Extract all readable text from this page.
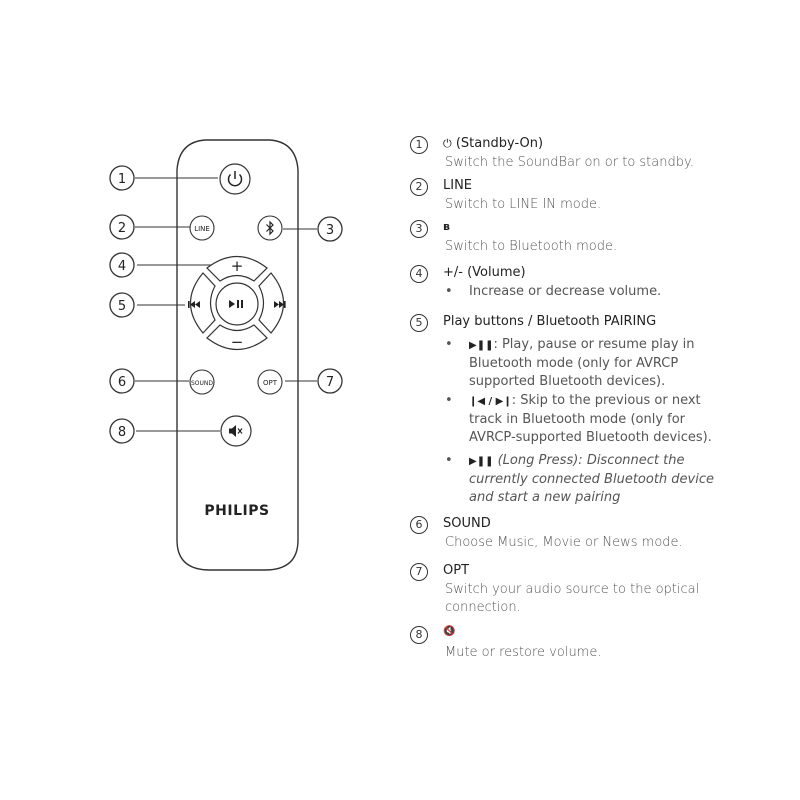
1
2	3
4
5
6	7
8
LINE
+
−
SOUND	OPT
PHILIPS
1	⏻ (Standby-On)
Switch the SoundBar on or to standby.
2	LINE
Switch to LINE IN mode.
3	ʙ
Switch to Bluetooth mode.
4	+/- (Volume)
• Increase or decrease volume.
5	Play buttons / Bluetooth PAIRING
• ▶❚❚: Play, pause or resume play in Bluetooth mode (only for AVRCP supported Bluetooth devices).
• ❙◀ / ▶❙: Skip to the previous or next track in Bluetooth mode (only for AVRCP-supported Bluetooth devices).
• ▶❚❚ (Long Press): Disconnect the currently connected Bluetooth device and start a new pairing
6	SOUND
Choose Music, Movie or News mode.
7	OPT
Switch your audio source to the optical
connection.
8	🔇
Mute or restore volume.
